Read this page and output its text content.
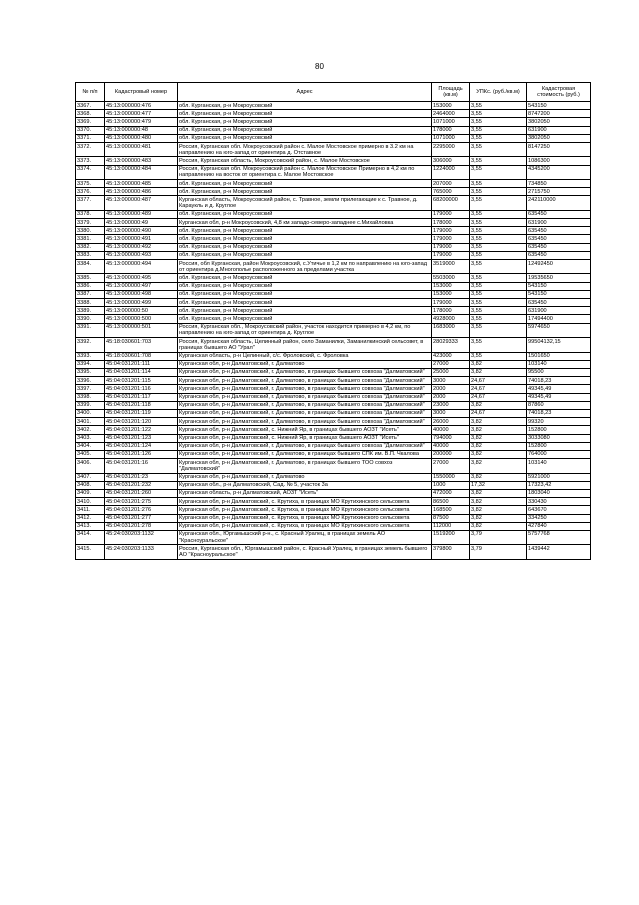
80
№ п/п	Кадастровый номер	Адрес	Площадь (кв.м)	УПКс. (руб./кв.м)	Кадастровая стоимость (руб.)
3367.	45:13:000000:476	обл. Курганская, р-н Мокроусовский	153000	3,55	543150
3368.	45:13:000000:477	обл. Курганская, р-н Мокроусовский	2464000	3,55	8747200
3369.	45:13:000000:479	обл. Курганская, р-н Мокроусовский	1071000	3,55	3802050
3370.	45:13:000000:48	обл. Курганская, р-н Мокроусовский	178000	3,55	631900
3371.	45:13:000000:480	обл. Курганская, р-н Мокроусовский	1071000	3,55	3802050
3372.	45:13:000000:481	Россия, Курганская обл. Мокроусовский район с. Малое Мостовское примерно в 3.2 км на направлению на юго-запад от ориентира д. Отставное	2295000	3,55	8147250
3373.	45:13:000000:483	Россия, Курганская область, Мокроусовский район, с. Малое Мостовское	306000	3,55	1086300
3374.	45:13:000000:484	Россия, Курганская обл. Мокроусовский район с. Малое Мостовское Примерно в 4,2 км по направлению на восток от ориентира с. Малое Мостовское	1224000	3,55	4345200
3375.	45:13:000000:485	обл. Курганская, р-н Мокроусовский	207000	3,55	734850
3376.	45:13:000000:486	обл. Курганская, р-н Мокроусовский	765000	3,55	2715750
3377.	45:13:000000:487	Курганская область, Мокроусовский район, с. Травное, земли прилегающие к с. Травное, д. Караукль и д. Круглое	68200000	3,55	242110000
3378.	45:13:000000:489	обл. Курганская, р-н Мокроусовский	179000	3,55	635450
3379.	45:13:000000:49	Курганская обл, р-н Мокроусовский, 4,8 км западо-северо-западнее с.Михайловка	178000	3,55	631900
3380.	45:13:000000:490	обл. Курганская, р-н Мокроусовский	179000	3,55	635450
3381.	45:13:000000:491	обл. Курганская, р-н Мокроусовский	179000	3,55	635450
3382.	45:13:000000:492	обл. Курганская, р-н Мокроусовский	179000	3,55	635450
3383.	45:13:000000:493	обл. Курганская, р-н Мокроусовский	179000	3,55	635450
3384.	45:13:000000:494	Россия, обл Курганская, район Мокроусовский, с.Утичье в 1,2 км по направлению на юго-запад от ориентира д.Многополье расположенного за пределами участка	3519000	3,55	12492450
3385.	45:13:000000:495	обл. Курганская, р-н Мокроусовский	5503000	3,55	19535650
3386.	45:13:000000:497	обл. Курганская, р-н Мокроусовский	153000	3,55	543150
3387.	45:13:000000:498	обл. Курганская, р-н Мокроусовский	153000	3,55	543150
3388.	45:13:000000:499	обл. Курганская, р-н Мокроусовский	179000	3,55	635450
3389.	45:13:000000:50	обл. Курганская, р-н Мокроусовский	178000	3,55	631900
3390.	45:13:000000:500	обл. Курганская, р-н Мокроусовский	4928000	3,55	17494400
3391.	45:13:000000:501	Россия, Курганская обл., Мокроусовский район, участок находится примерно в 4,2 км, по направлению на юго-запад от ориентира д. Круглое	1683000	3,55	5974650
3392.	45:18:030601:703	Россия, Курганская область, Целинный район, село Заманилки, Заманилкинский сельсовет, в границах бывшего АО "Урал"	28029333	3,55	99504132,15
3393.	45:18:030601:708	Курганская область, р-н Целинный, с/с. Фроловский, с. Фроловка	423000	3,55	1501650
3394.	45:04:031201:111	Курганская обл, р-н Далматовский, г. Далматово	27000	3,82	103140
3395.	45:04:031201:114	Курганская обл, р-н Далматовский, г. Далматово, в границах бывшего совхоза "Далматовский"	25000	3,82	95500
3396.	45:04:031201:115	Курганская обл, р-н Далматовский, г. Далматово, в границах бывшего совхоза "Далматовский"	3000	24,67	74018,23
3397.	45:04:031201:116	Курганская обл, р-н Далматовский, г. Далматово, в границах бывшего совхоза "Далматовский"	2000	24,67	49345,49
3398.	45:04:031201:117	Курганская обл, р-н Далматовский, г. Далматово, в границах бывшего совхоза "Далматовский"	2000	24,67	49345,49
3399.	45:04:031201:118	Курганская обл, р-н Далматовский, г. Далматово, в границах бывшего совхоза "Далматовский"	23000	3,82	87860
3400.	45:04:031201:119	Курганская обл, р-н Далматовский, г. Далматово, в границах бывшего совхоза "Далматовский"	3000	24,67	74018,23
3401.	45:04:031201:120	Курганская обл, р-н Далматовский, г. Далматово, в границах бывшего совхоза "Далматовский"	26000	3,82	99320
3402.	45:04:031201:122	Курганская обл, р-н Далматовский, с. Нижний Яр, в границах бывшего АОЗТ "Исеть"	40000	3,82	152800
3403.	45:04:031201:123	Курганская обл, р-н Далматовский, с. Нижний Яр, в границах бывшего АОЗТ "Исеть"	794000	3,82	3033080
3404.	45:04:031201:124	Курганская обл, р-н Далматовский, г. Далматово, в границах бывшего совхоза "Далматовский"	40000	3,82	152800
3405.	45:04:031201:126	Курганская обл, р-н Далматовский, г. Далматово, в границах бывшего СПК им. В.П. Чкалова	200000	3,82	764000
3406.	45:04:031201:16	Курганская обл, р-н Далматовский, г. Далматово, в границах бывшего ТОО совхоз "Далматовский"	27000	3,82	103140
3407.	45:04:031201:23	Курганская обл, р-н Далматовский, г. Далматово	1550000	3,82	5921000
3408.	45:04:031201:232	Курганская обл., р-н Далматовский, Сад. № 5, участок 3а	1000	17,32	17323,42
3409.	45:04:031201:260	Курганская область, р-н Далматовский, АОЗТ "Исеть"	472000	3,82	1803040
3410.	45:04:031201:275	Курганская обл, р-н Далматовский, с. Крутиха, в границах МО Крутихинского сельсовета	86500	3,82	330430
3411.	45:04:031201:276	Курганская обл, р-н Далматовский, с. Крутиха, в границах МО Крутихинского сельсовета	168500	3,82	643670
3412.	45:04:031201:277	Курганская обл, р-н Далматовский, с. Крутиха, в границах МО Крутихинского сельсовета	87500	3,82	334250
3413.	45:04:031201:278	Курганская обл, р-н Далматовский, с. Крутиха, в границах МО Крутихинского сельсовета	112000	3,82	427840
3414.	45:24:030203:1132	Курганская обл., Юргамышский р-н., с. Красный Уралец, в границах земель АО "Красноуральское"	1519200	3,79	5757768
3415.	45:24:030203:1133	Россия, Курганская обл., Юргамышский район, с. Красный Уралец, в границах земель бывшего АО "Красноуральское"	379800	3,79	1439442
